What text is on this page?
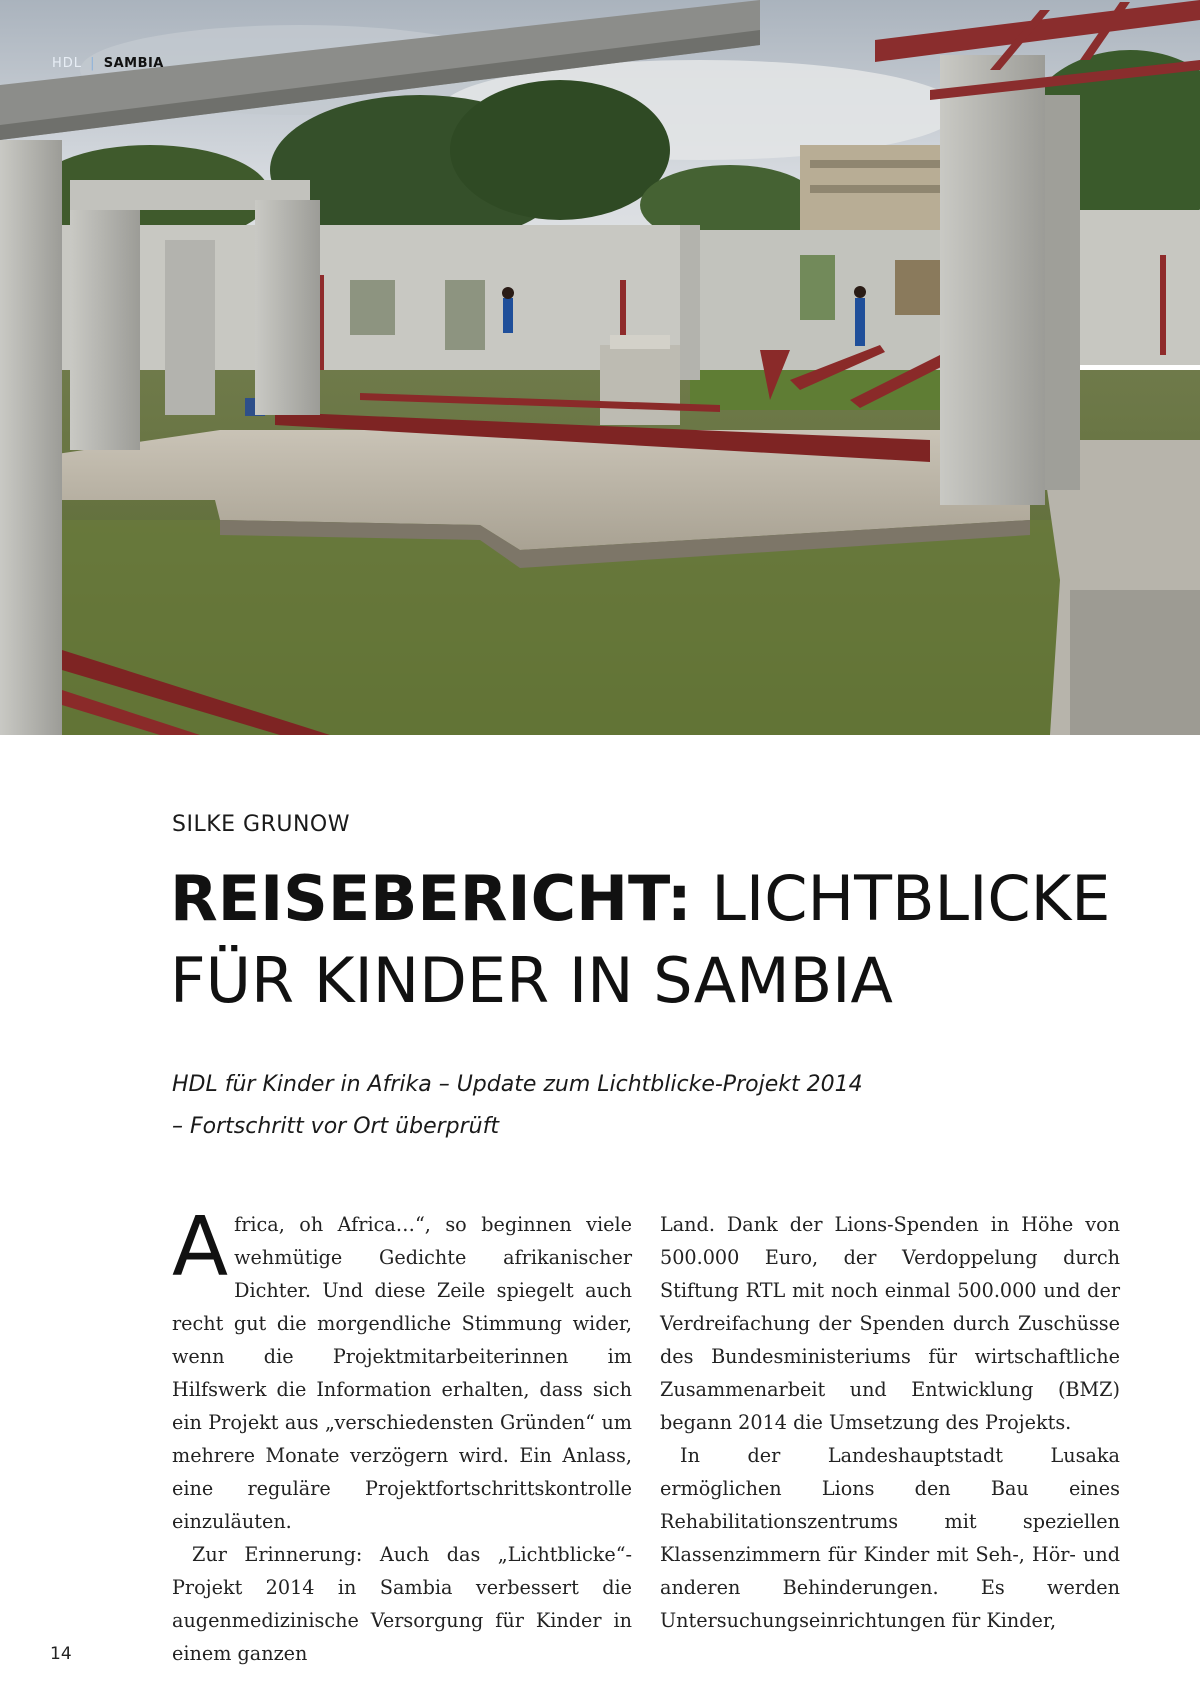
HDL | SAMBIA
SILKE GRUNOW
REISEBERICHT: LICHTBLICKE
FÜR KINDER IN SAMBIA

HDL für Kinder in Afrika – Update zum Lichtblicke-Projekt 2014
– Fortschritt vor Ort überprüft

Africa, oh Africa…“, so beginnen viele wehmütige Gedichte afrikanischer Dichter. Und diese Zeile spiegelt auch recht gut die morgendliche Stimmung wider, wenn die Projektmitarbeiterinnen im Hilfswerk die Information erhalten, dass sich ein Projekt aus „verschiedensten Gründen“ um mehrere Monate verzögern wird. Ein Anlass, eine reguläre Projektfortschrittskontrolle einzuläuten.

Zur Erinnerung: Auch das „Lichtblicke“-Projekt 2014 in Sambia verbessert die augenmedizinische Versorgung für Kinder in einem ganzen

Land. Dank der Lions-Spenden in Höhe von 500.000 Euro, der Verdoppelung durch Stiftung RTL mit noch einmal 500.000 und der Verdreifachung der Spenden durch Zuschüsse des Bundesministeriums für wirtschaftliche Zusammenarbeit und Entwicklung (BMZ) begann 2014 die Umsetzung des Projekts.

In der Landeshauptstadt Lusaka ermöglichen Lions den Bau eines Rehabilitationszentrums mit speziellen Klassenzimmern für Kinder mit Seh-, Hör- und anderen Behinderungen. Es werden Untersuchungseinrichtungen für Kinder,

14
